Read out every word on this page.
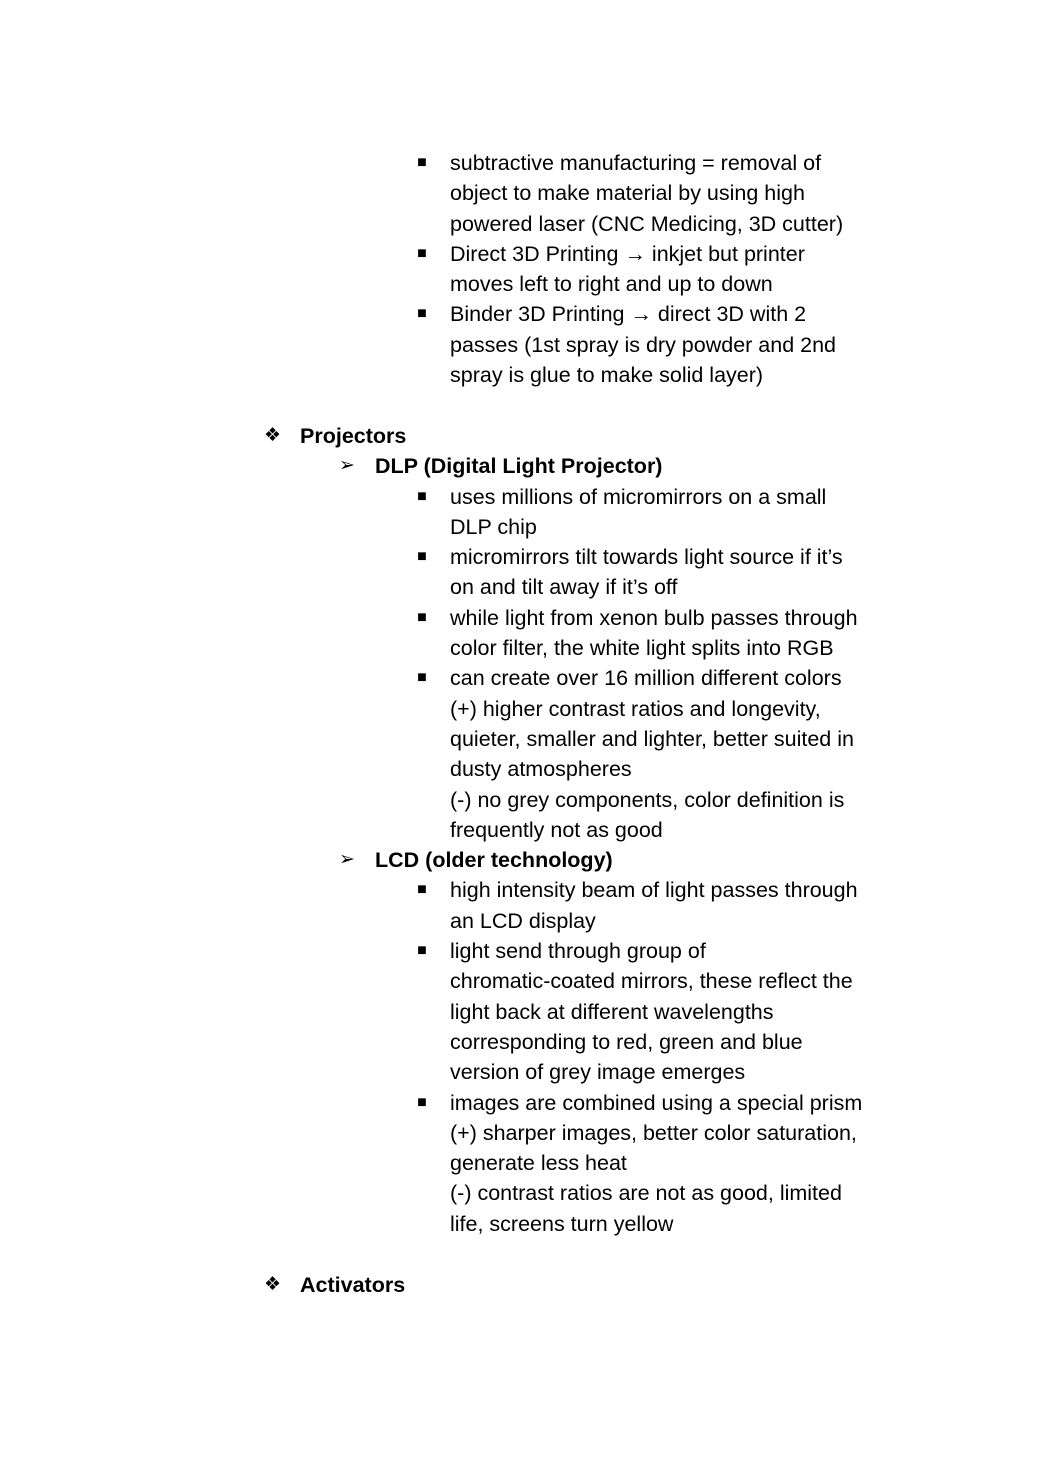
■ subtractive manufacturing = removal of
object to make material by using high
powered laser (CNC Medicing, 3D cutter)
■ Direct 3D Printing → inkjet but printer
moves left to right and up to down
■ Binder 3D Printing → direct 3D with 2
passes (1st spray is dry powder and 2nd
spray is glue to make solid layer)
❖ Projectors
➢ DLP (Digital Light Projector)
■ uses millions of micromirrors on a small
DLP chip
■ micromirrors tilt towards light source if it’s
on and tilt away if it’s off
■ while light from xenon bulb passes through
color filter, the white light splits into RGB
■ can create over 16 million different colors
(+) higher contrast ratios and longevity,
quieter, smaller and lighter, better suited in
dusty atmospheres
(-) no grey components, color definition is
frequently not as good
➢ LCD (older technology)
■ high intensity beam of light passes through
an LCD display
■ light send through group of
chromatic-coated mirrors, these reflect the
light back at different wavelengths
corresponding to red, green and blue
version of grey image emerges
■ images are combined using a special prism
(+) sharper images, better color saturation,
generate less heat
(-) contrast ratios are not as good, limited
life, screens turn yellow
❖ Activators
